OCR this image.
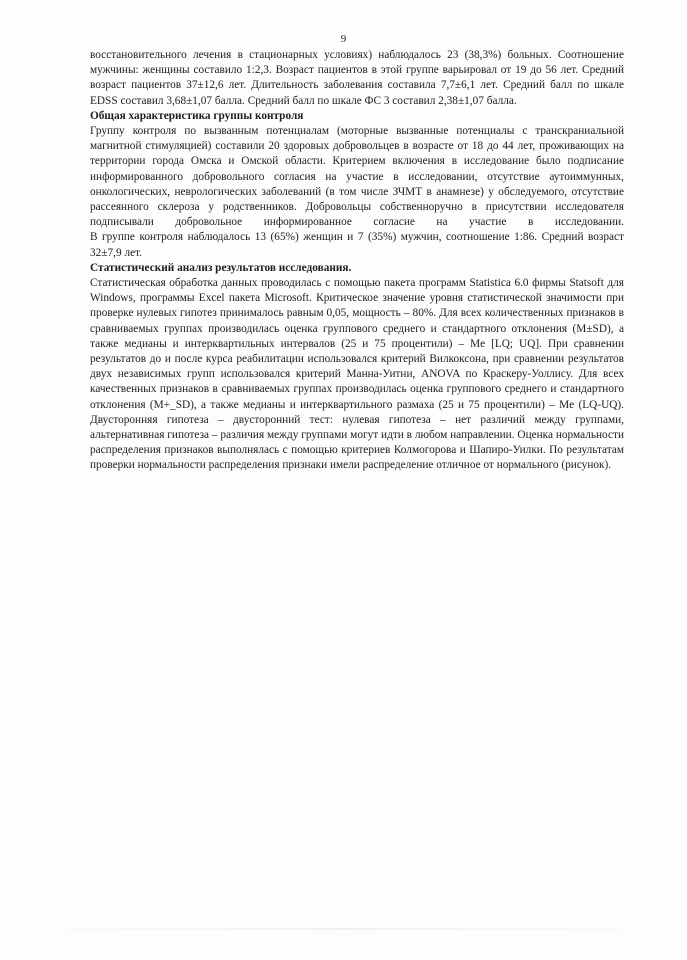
9

восстановительного лечения в стационарных условиях) наблюдалось 23 (38,3%) больных. Соотношение мужчины: женщины составило 1:2,3. Возраст пациентов в этой группе варьировал от 19 до 56 лет. Средний возраст пациентов 37±12,6 лет. Длительность заболевания составила 7,7±6,1 лет. Средний балл по шкале EDSS составил 3,68±1,07 балла. Средний балл по шкале ФС 3 составил 2,38±1,07 балла.

Общая характеристика группы контроля

Группу контроля по вызванным потенциалам (моторные вызванные потенциалы с транскраниальной магнитной стимуляцией) составили 20 здоровых добровольцев в возрасте от 18 до 44 лет, проживающих на территории города Омска и Омской области. Критерием включения в исследование было подписание информированного добровольного согласия на участие в исследовании, отсутствие аутоиммунных, онкологических, неврологических заболеваний (в том числе ЗЧМТ в анамнезе) у обследуемого, отсутствие рассеянного склероза у родственников. Добровольцы собственноручно в присутствии исследователя подписывали добровольное информированное согласие на участие в исследовании.

В группе контроля наблюдалось 13 (65%) женщин и 7 (35%) мужчин, соотношение 1:86. Средний возраст 32±7,9 лет.

Статистический анализ результатов исследования.

Статистическая обработка данных проводилась с помощью пакета программ Statistica 6.0 фирмы Statsoft для Windows, программы Excel пакета Microsoft. Критическое значение уровня статистической значимости при проверке нулевых гипотез принималось равным 0,05, мощность – 80%. Для всех количественных признаков в сравниваемых группах производилась оценка группового среднего и стандартного отклонения (M±SD), а также медианы и интерквартильных интервалов (25 и 75 процентили) – Me [LQ; UQ]. При сравнении результатов до и после курса реабилитации использовался критерий Вилкоксона, при сравнении результатов двух независимых групп использовался критерий Манна-Уитни, ANOVA по Краскеру-Уоллису. Для всех качественных признаков в сравниваемых группах производилась оценка группового среднего и стандартного отклонения (M+_SD), а также медианы и интерквартильного размаха (25 и 75 процентили) – Me (LQ-UQ).

Двусторонняя гипотеза – двусторонний тест: нулевая гипотеза – нет различий между группами, альтернативная гипотеза – различия между группами могут идти в любом направлении. Оценка нормальности распределения признаков выполнялась с помощью критериев Колмогорова и Шапиро-Уилки. По результатам проверки нормальности распределения признаки имели распределение отличное от нормального (рисунок).
